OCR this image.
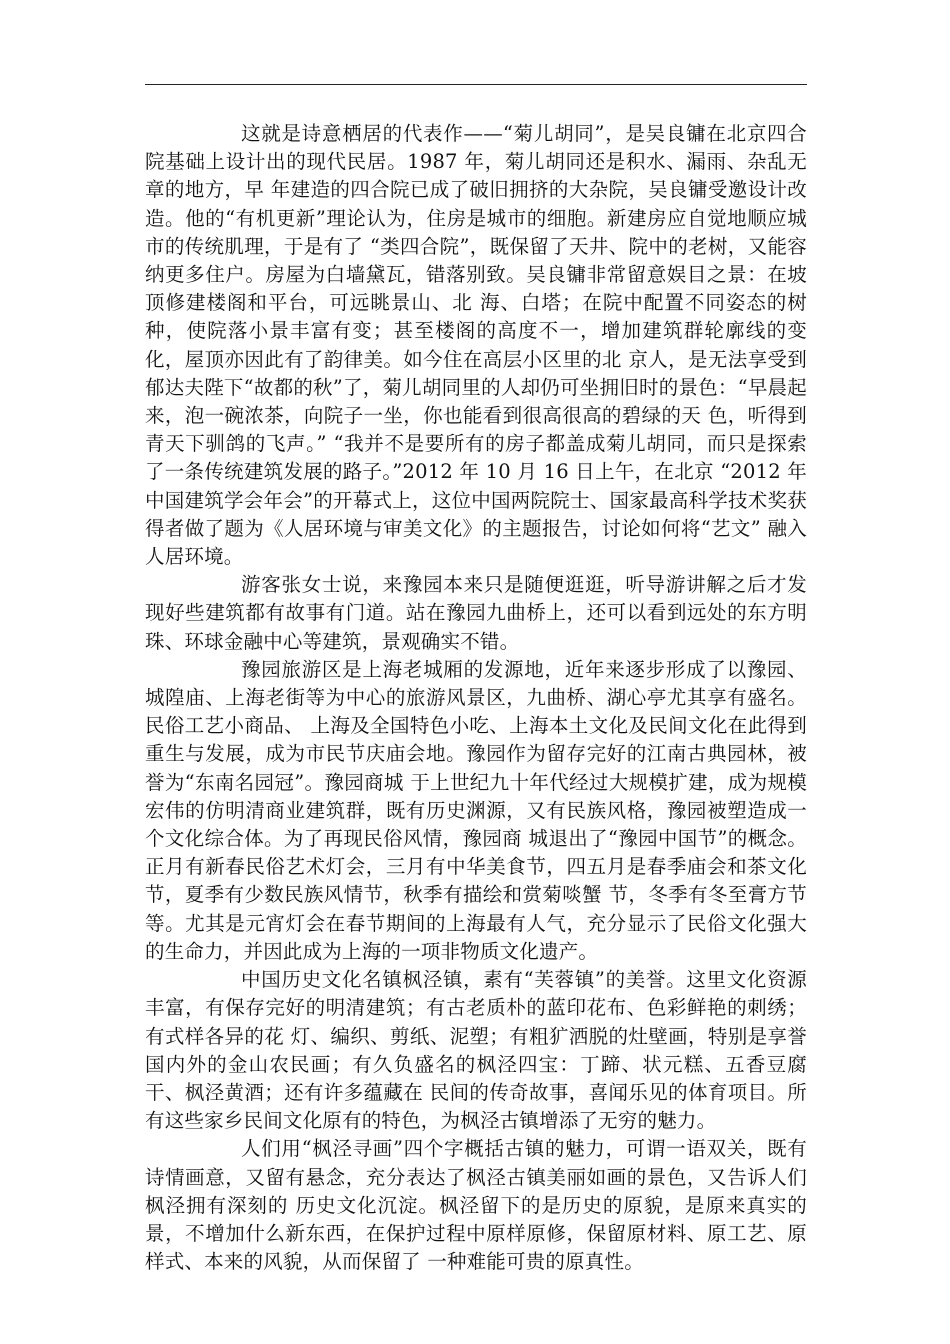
这就是诗意栖居的代表作——“菊儿胡同”，是吴良镛在北京四合院基础上设计出的现代民居。1987 年，菊儿胡同还是积水、漏雨、杂乱无章的地方，早 年建造的四合院已成了破旧拥挤的大杂院，吴良镛受邀设计改造。他的“有机更新”理论认为，住房是城市的细胞。新建房应自觉地顺应城市的传统肌理，于是有了 “类四合院”，既保留了天井、院中的老树，又能容纳更多住户。房屋为白墙黛瓦，错落别致。吴良镛非常留意娱目之景：在坡顶修建楼阁和平台，可远眺景山、北 海、白塔；在院中配置不同姿态的树种，使院落小景丰富有变；甚至楼阁的高度不一，增加建筑群轮廓线的变化，屋顶亦因此有了韵律美。如今住在高层小区里的北 京人，是无法享受到郁达夫陛下“故都的秋”了，菊儿胡同里的人却仍可坐拥旧时的景色：“早晨起来，泡一碗浓茶，向院子一坐，你也能看到很高很高的碧绿的天 色，听得到青天下驯鸽的飞声。” “我并不是要所有的房子都盖成菊儿胡同，而只是探索了一条传统建筑发展的路子。”2012 年 10 月 16 日上午，在北京 “2012 年中国建筑学会年会”的开幕式上，这位中国两院院士、国家最高科学技术奖获得者做了题为《人居环境与审美文化》的主题报告，讨论如何将“艺文” 融入人居环境。

游客张女士说，来豫园本来只是随便逛逛，听导游讲解之后才发现好些建筑都有故事有门道。站在豫园九曲桥上，还可以看到远处的东方明珠、环球金融中心等建筑，景观确实不错。

豫园旅游区是上海老城厢的发源地，近年来逐步形成了以豫园、城隍庙、上海老街等为中心的旅游风景区，九曲桥、湖心亭尤其享有盛名。民俗工艺小商品、 上海及全国特色小吃、上海本土文化及民间文化在此得到重生与发展，成为市民节庆庙会地。豫园作为留存完好的江南古典园林，被誉为“东南名园冠”。豫园商城 于上世纪九十年代经过大规模扩建，成为规模宏伟的仿明清商业建筑群，既有历史渊源，又有民族风格，豫园被塑造成一个文化综合体。为了再现民俗风情，豫园商 城退出了“豫园中国节”的概念。正月有新春民俗艺术灯会，三月有中华美食节，四五月是春季庙会和茶文化节，夏季有少数民族风情节，秋季有描绘和赏菊啖蟹 节，冬季有冬至膏方节等。尤其是元宵灯会在春节期间的上海最有人气，充分显示了民俗文化强大的生命力，并因此成为上海的一项非物质文化遗产。

中国历史文化名镇枫泾镇，素有“芙蓉镇”的美誉。这里文化资源丰富，有保存完好的明清建筑；有古老质朴的蓝印花布、色彩鲜艳的刺绣；有式样各异的花 灯、编织、剪纸、泥塑；有粗犷洒脱的灶壁画，特别是享誉国内外的金山农民画；有久负盛名的枫泾四宝：丁蹄、状元糕、五香豆腐干、枫泾黄酒；还有许多蕴藏在 民间的传奇故事，喜闻乐见的体育项目。所有这些家乡民间文化原有的特色，为枫泾古镇增添了无穷的魅力。

人们用“枫泾寻画”四个字概括古镇的魅力，可谓一语双关，既有诗情画意，又留有悬念，充分表达了枫泾古镇美丽如画的景色，又告诉人们枫泾拥有深刻的 历史文化沉淀。枫泾留下的是历史的原貌，是原来真实的景，不增加什么新东西，在保护过程中原样原修，保留原材料、原工艺、原样式、本来的风貌，从而保留了 一种难能可贵的原真性。
